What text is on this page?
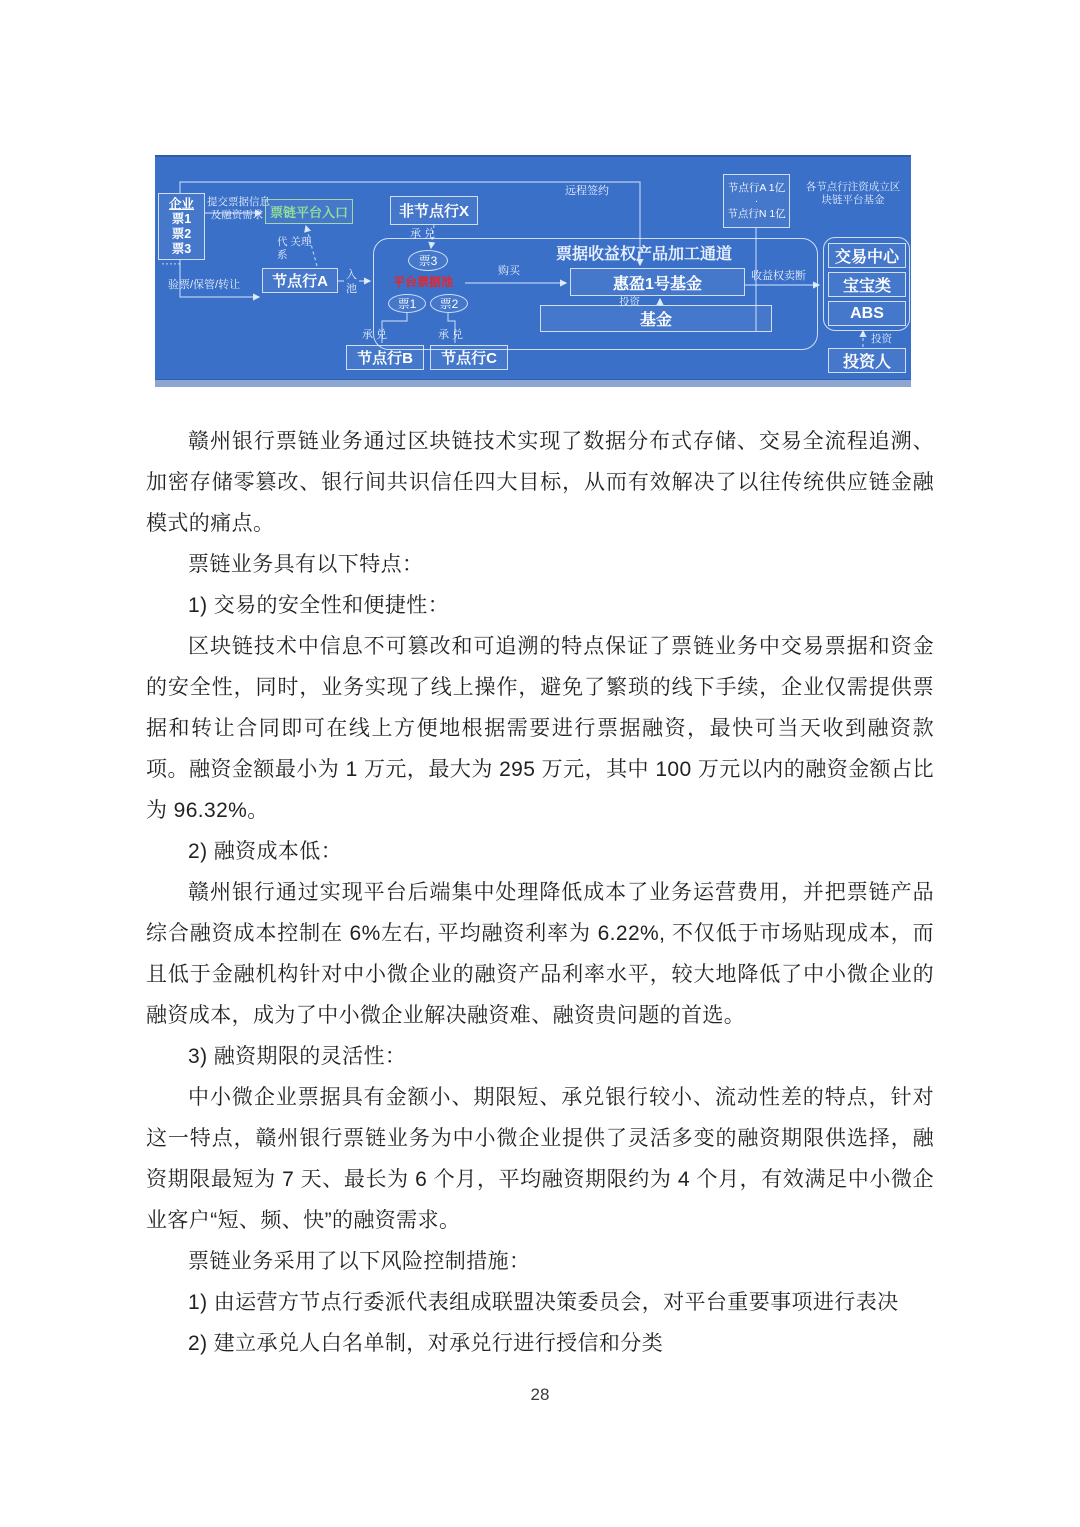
企业
票1
票2
票3
·····
提交票据信息
及融资需求 票链平台入口
代 关理
系
节点行A
验票/保管/转让
入
池
非节点行X
承 兑
票3
平台票据池
票1	票2
购买
远程签约
票据收益权产品加工通道
惠盈1号基金
投资
基金
节点行A 1亿
·
节点行N 1亿
各节点行注资成立区
块链平台基金
收益权卖断
交易中心
宝宝类
ABS
投资
投资人
承 兑	承 兑
节点行B	节点行C

赣州银行票链业务通过区块链技术实现了数据分布式存储、交易全流程追溯、加密存储零篡改、银行间共识信任四大目标，从而有效解决了以往传统供应链金融模式的痛点。

票链业务具有以下特点：

1) 交易的安全性和便捷性：

区块链技术中信息不可篡改和可追溯的特点保证了票链业务中交易票据和资金的安全性，同时，业务实现了线上操作，避免了繁琐的线下手续，企业仅需提供票据和转让合同即可在线上方便地根据需要进行票据融资，最快可当天收到融资款项。融资金额最小为 1 万元，最大为 295 万元，其中 100 万元以内的融资金额占比为 96.32%。

2) 融资成本低：

赣州银行通过实现平台后端集中处理降低成本了业务运营费用，并把票链产品综合融资成本控制在 6%左右, 平均融资利率为 6.22%, 不仅低于市场贴现成本，而且低于金融机构针对中小微企业的融资产品利率水平，较大地降低了中小微企业的融资成本，成为了中小微企业解决融资难、融资贵问题的首选。

3) 融资期限的灵活性：

中小微企业票据具有金额小、期限短、承兑银行较小、流动性差的特点，针对这一特点，赣州银行票链业务为中小微企业提供了灵活多变的融资期限供选择，融资期限最短为 7 天、最长为 6 个月，平均融资期限约为 4 个月，有效满足中小微企业客户“短、频、快”的融资需求。

票链业务采用了以下风险控制措施：

1) 由运营方节点行委派代表组成联盟决策委员会，对平台重要事项进行表决

2) 建立承兑人白名单制，对承兑行进行授信和分类

28
